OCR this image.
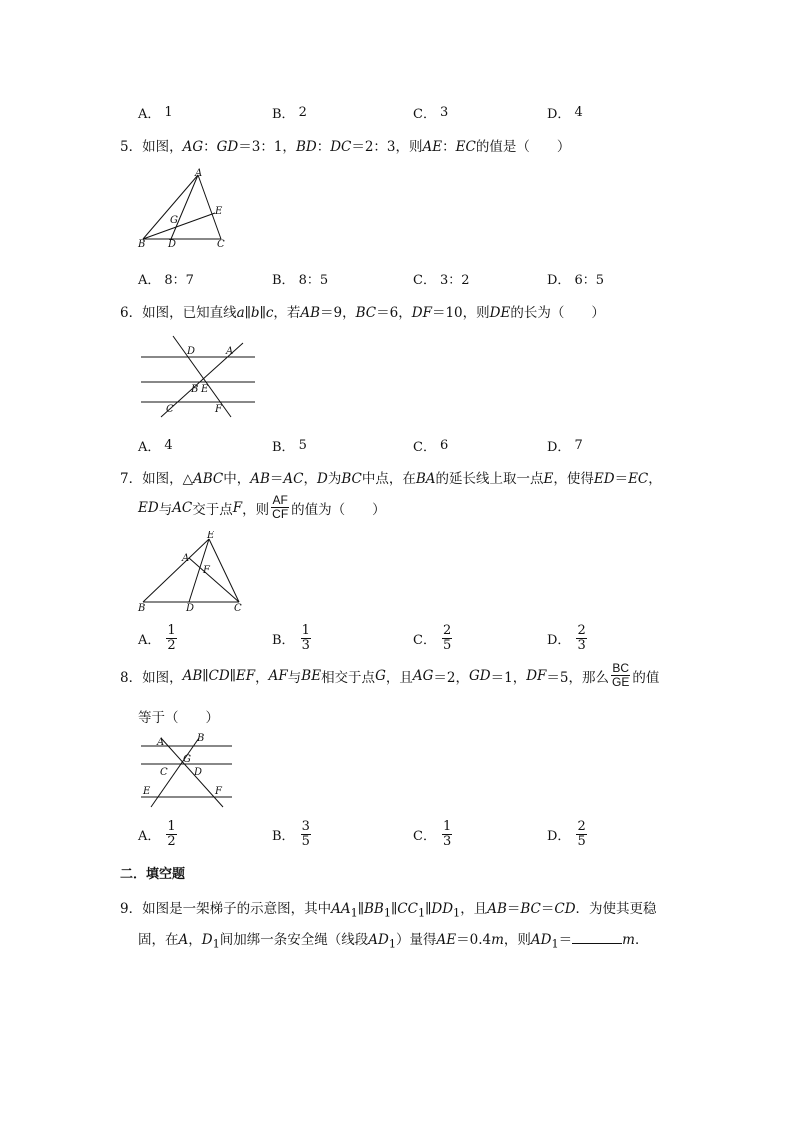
A． 1	B． 2	C． 3	D． 4
5．如图，AG：GD＝3：1，BD：DC＝2：3，则AE：EC的值是（　　）
A
E
G
B D	C
A． 8：7	B． 8：5	C． 3：2	D． 6：5
6．如图，已知直线a∥b∥c，若AB＝9，BC＝6，DF＝10，则DE的长为（　　）
D	A
B E
C	F
A． 4	B． 5	C． 6	D． 7
7．如图，△ABC中，AB＝AC，D为BC中点，在BA的延长线上取一点E，使得ED＝EC，
ED 与 AC 交于点 F ，则 $\frac{AF}{CF}$ 的值为（　　）
E
A
F
B	D	C
A． $\frac{1}{2}$	B． $\frac{1}{3}$	C． $\frac{2}{5}$	D． $\frac{2}{3}$
8． 如图， AB ∥ CD ∥ EF ， AF 与 BE 相交于点 G ，且 AG ＝2， GD ＝1， DF ＝5，那么 $\frac{BC}{GE}$ 的值
等于（　　）
A	B
G
C	D
E	F
A． $\frac{1}{2}$	B． $\frac{3}{5}$	C． $\frac{1}{3}$	D． $\frac{2}{5}$
二．填空题
9．如图是一架梯子的示意图，其中$AA_1\parallel BB_1\parallel CC_1\parallel DD_1$，且AB＝BC＝CD．为使其更稳
固，在A，$D_1$间加绑一条安全绳（线段$AD_1$）量得AE＝0.4m，则$AD_1=$	m．
